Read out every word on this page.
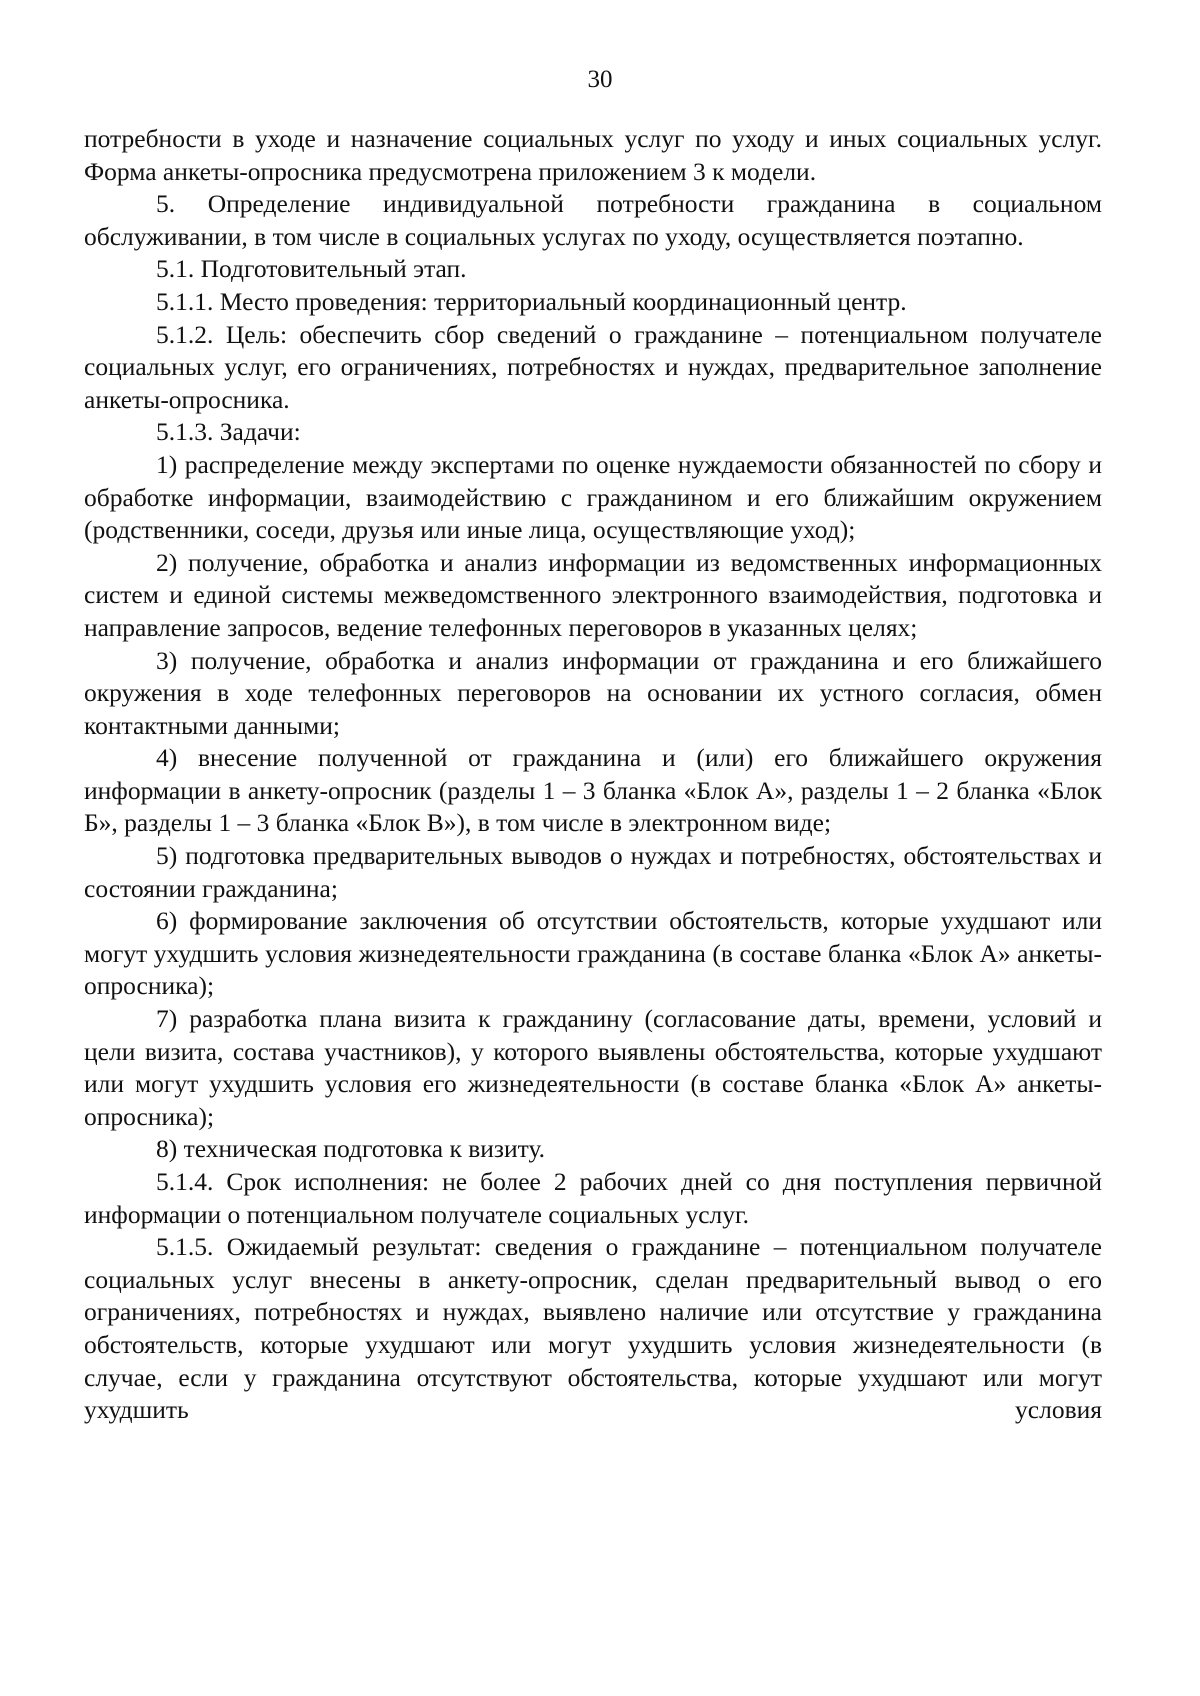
30

потребности в уходе и назначение социальных услуг по уходу и иных социальных услуг. Форма анкеты-опросника предусмотрена приложением 3 к модели.

5. Определение индивидуальной потребности гражданина в социальном обслуживании, в том числе в социальных услугах по уходу, осуществляется поэтапно.

5.1. Подготовительный этап.

5.1.1. Место проведения: территориальный координационный центр.

5.1.2. Цель: обеспечить сбор сведений о гражданине – потенциальном получателе социальных услуг, его ограничениях, потребностях и нуждах, предварительное заполнение анкеты-опросника.

5.1.3. Задачи:

1) распределение между экспертами по оценке нуждаемости обязанностей по сбору и обработке информации, взаимодействию с гражданином и его ближайшим окружением (родственники, соседи, друзья или иные лица, осуществляющие уход);

2) получение, обработка и анализ информации из ведомственных информационных систем и единой системы межведомственного электронного взаимодействия, подготовка и направление запросов, ведение телефонных переговоров в указанных целях;

3) получение, обработка и анализ информации от гражданина и его ближайшего окружения в ходе телефонных переговоров на основании их устного согласия, обмен контактными данными;

4) внесение полученной от гражданина и (или) его ближайшего окружения информации в анкету-опросник (разделы 1 – 3 бланка «Блок А», разделы 1 – 2 бланка «Блок Б», разделы 1 – 3 бланка «Блок В»), в том числе в электронном виде;

5) подготовка предварительных выводов о нуждах и потребностях, обстоятельствах и состоянии гражданина;

6) формирование заключения об отсутствии обстоятельств, которые ухудшают или могут ухудшить условия жизнедеятельности гражданина (в составе бланка «Блок А» анкеты-опросника);

7) разработка плана визита к гражданину (согласование даты, времени, условий и цели визита, состава участников), у которого выявлены обстоятельства, которые ухудшают или могут ухудшить условия его жизнедеятельности (в составе бланка «Блок А» анкеты-опросника);

8) техническая подготовка к визиту.

5.1.4. Срок исполнения: не более 2 рабочих дней со дня поступления первичной информации о потенциальном получателе социальных услуг.

5.1.5. Ожидаемый результат: сведения о гражданине – потенциальном получателе социальных услуг внесены в анкету-опросник, сделан предварительный вывод о его ограничениях, потребностях и нуждах, выявлено наличие или отсутствие у гражданина обстоятельств, которые ухудшают или могут ухудшить условия жизнедеятельности (в случае, если у гражданина отсутствуют обстоятельства, которые ухудшают или могут ухудшить условия
